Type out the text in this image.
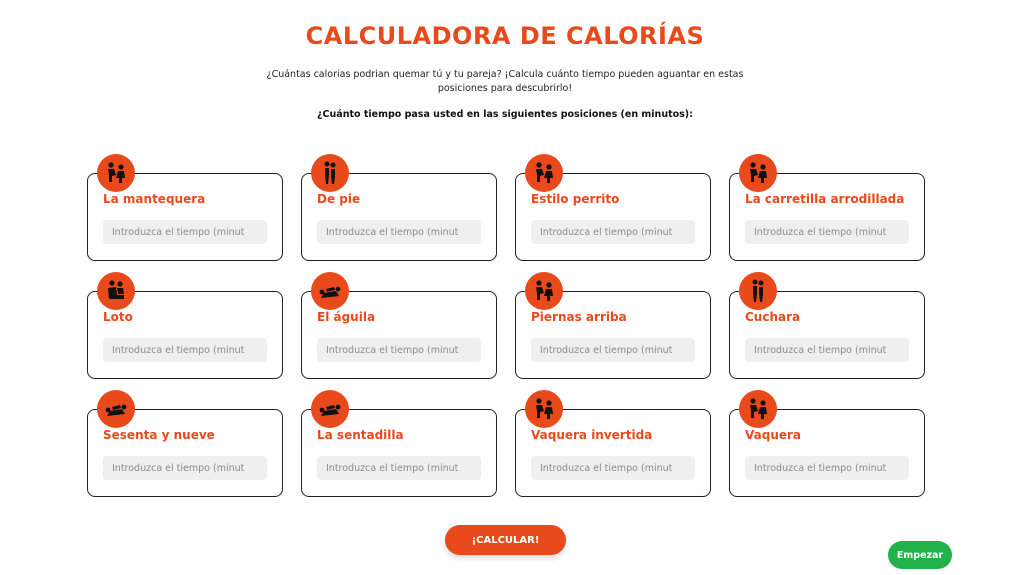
CALCULADORA DE CALORÍAS
¿Cuántas calorias podrian quemar tú y tu pareja? ¡Calcula cuánto tiempo pueden aguantar en estas posiciones para descubrirlo!
¿Cuánto tiempo pasa usted en las siguientes posiciones (en minutos):
La mantequera
Introduzca el tiempo (minut	De pie
Introduzca el tiempo (minut	Estilo perrito
Introduzca el tiempo (minut	La carretilla arrodillada
Introduzca el tiempo (minut
Loto
Introduzca el tiempo (minut	El águila
Introduzca el tiempo (minut	Piernas arriba
Introduzca el tiempo (minut	Cuchara
Introduzca el tiempo (minut
Sesenta y nueve
Introduzca el tiempo (minut	La sentadilla
Introduzca el tiempo (minut	Vaquera invertida
Introduzca el tiempo (minut	Vaquera
Introduzca el tiempo (minut
¡CALCULAR!
Empezar
